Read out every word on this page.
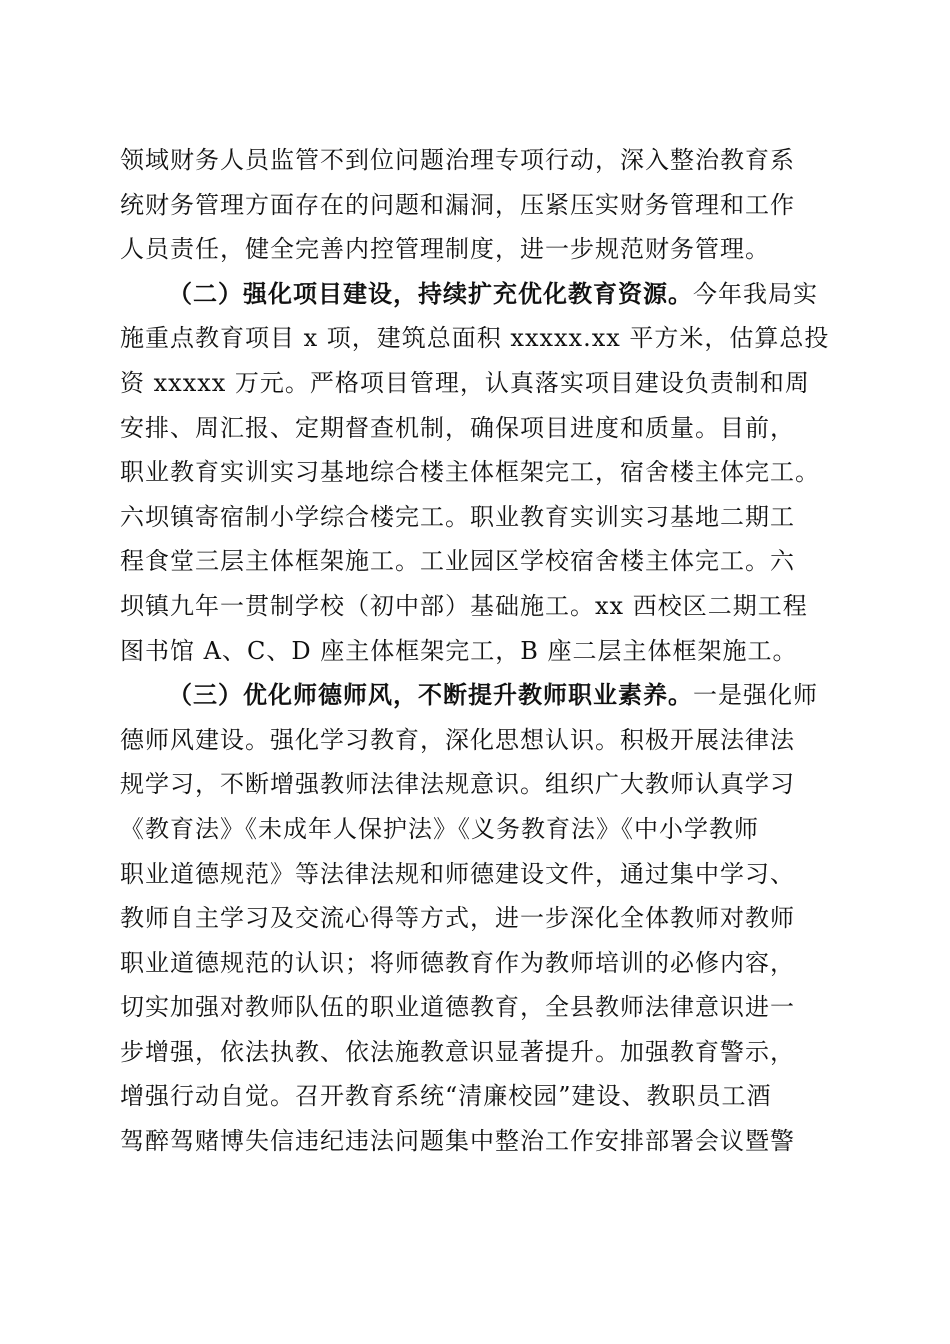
领域财务人员监管不到位问题治理专项行动，深入整治教育系
统财务管理方面存在的问题和漏洞，压紧压实财务管理和工作
人员责任，健全完善内控管理制度，进一步规范财务管理。
（二）强化项目建设，持续扩充优化教育资源。今年我局实
施重点教育项目 x 项，建筑总面积 xxxxx.xx 平方米，估算总投
资 xxxxx 万元。严格项目管理，认真落实项目建设负责制和周
安排、周汇报、定期督查机制，确保项目进度和质量。目前，
职业教育实训实习基地综合楼主体框架完工，宿舍楼主体完工。
六坝镇寄宿制小学综合楼完工。职业教育实训实习基地二期工
程食堂三层主体框架施工。工业园区学校宿舍楼主体完工。六
坝镇九年一贯制学校（初中部）基础施工。xx 西校区二期工程
图书馆 A、C、D 座主体框架完工，B 座二层主体框架施工。
（三）优化师德师风，不断提升教师职业素养。一是强化师
德师风建设。强化学习教育，深化思想认识。积极开展法律法
规学习，不断增强教师法律法规意识。组织广大教师认真学习
《教育法》《未成年人保护法》《义务教育法》《中小学教师
职业道德规范》等法律法规和师德建设文件，通过集中学习、
教师自主学习及交流心得等方式，进一步深化全体教师对教师
职业道德规范的认识；将师德教育作为教师培训的必修内容，
切实加强对教师队伍的职业道德教育，全县教师法律意识进一
步增强，依法执教、依法施教意识显著提升。加强教育警示，
增强行动自觉。召开教育系统“清廉校园”建设、教职员工酒
驾醉驾赌博失信违纪违法问题集中整治工作安排部署会议暨警
